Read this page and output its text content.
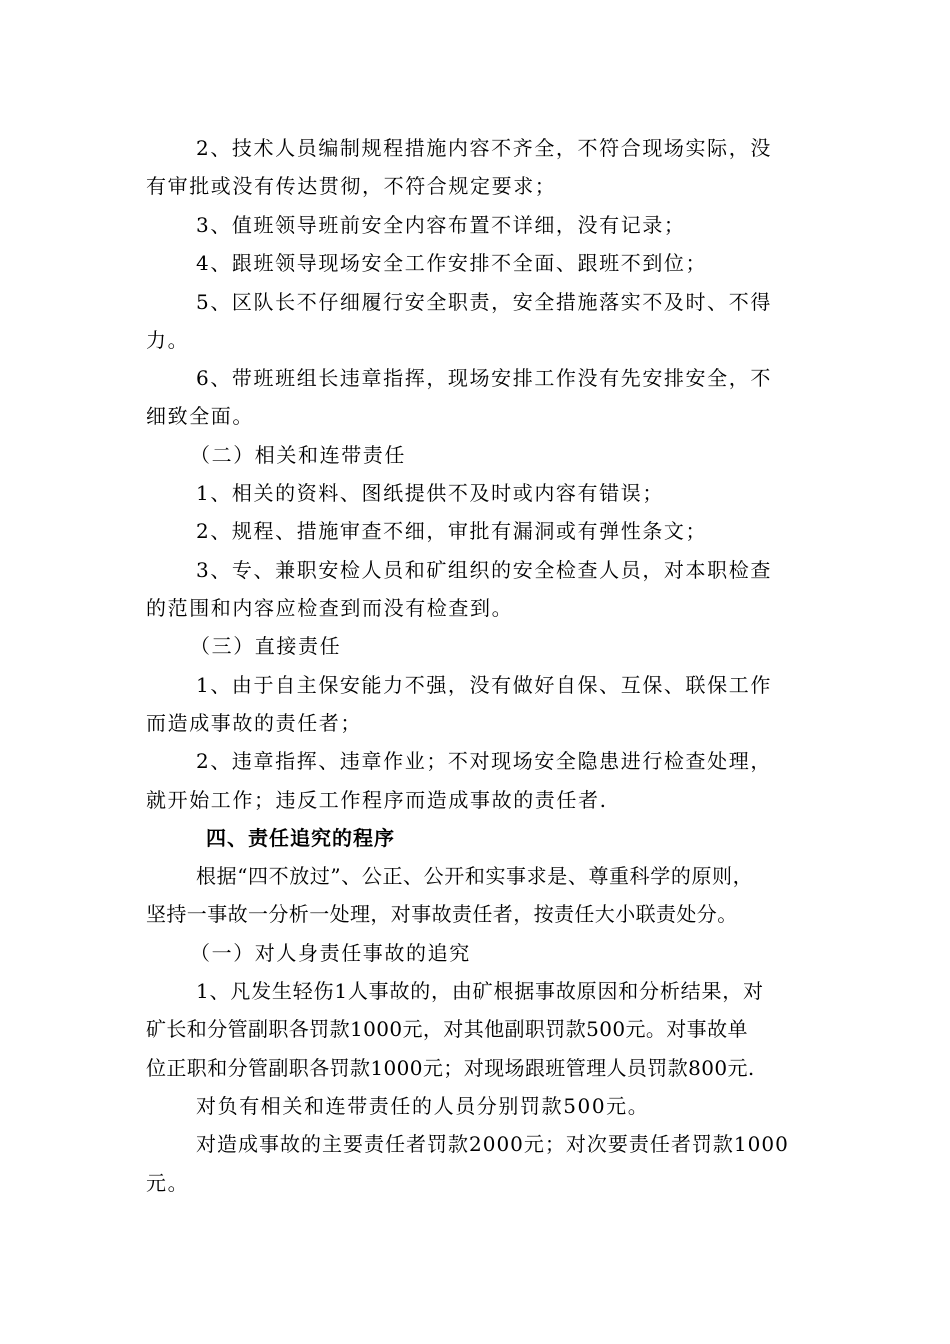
2、技术人员编制规程措施内容不齐全，不符合现场实际，没
有审批或没有传达贯彻，不符合规定要求；
3、值班领导班前安全内容布置不详细，没有记录；
4、跟班领导现场安全工作安排不全面、跟班不到位；
5、区队长不仔细履行安全职责，安全措施落实不及时、不得
力。
6、带班班组长违章指挥，现场安排工作没有先安排安全，不
细致全面。
（二）相关和连带责任
1、相关的资料、图纸提供不及时或内容有错误；
2、规程、措施审查不细，审批有漏洞或有弹性条文；
3、专、兼职安检人员和矿组织的安全检查人员，对本职检查
的范围和内容应检查到而没有检查到。
（三）直接责任
1、由于自主保安能力不强，没有做好自保、互保、联保工作
而造成事故的责任者；
2、违章指挥、违章作业；不对现场安全隐患进行检查处理，
就开始工作；违反工作程序而造成事故的责任者.
四、责任追究的程序
根据“四不放过”、公正、公开和实事求是、尊重科学的原则，
坚持一事故一分析一处理，对事故责任者，按责任大小联责处分。
（一）对人身责任事故的追究
1、凡发生轻伤1人事故的，由矿根据事故原因和分析结果，对
矿长和分管副职各罚款1000元，对其他副职罚款500元。对事故单
位正职和分管副职各罚款1000元；对现场跟班管理人员罚款800元.
对负有相关和连带责任的人员分别罚款500元。
对造成事故的主要责任者罚款2000元；对次要责任者罚款1000
元。
